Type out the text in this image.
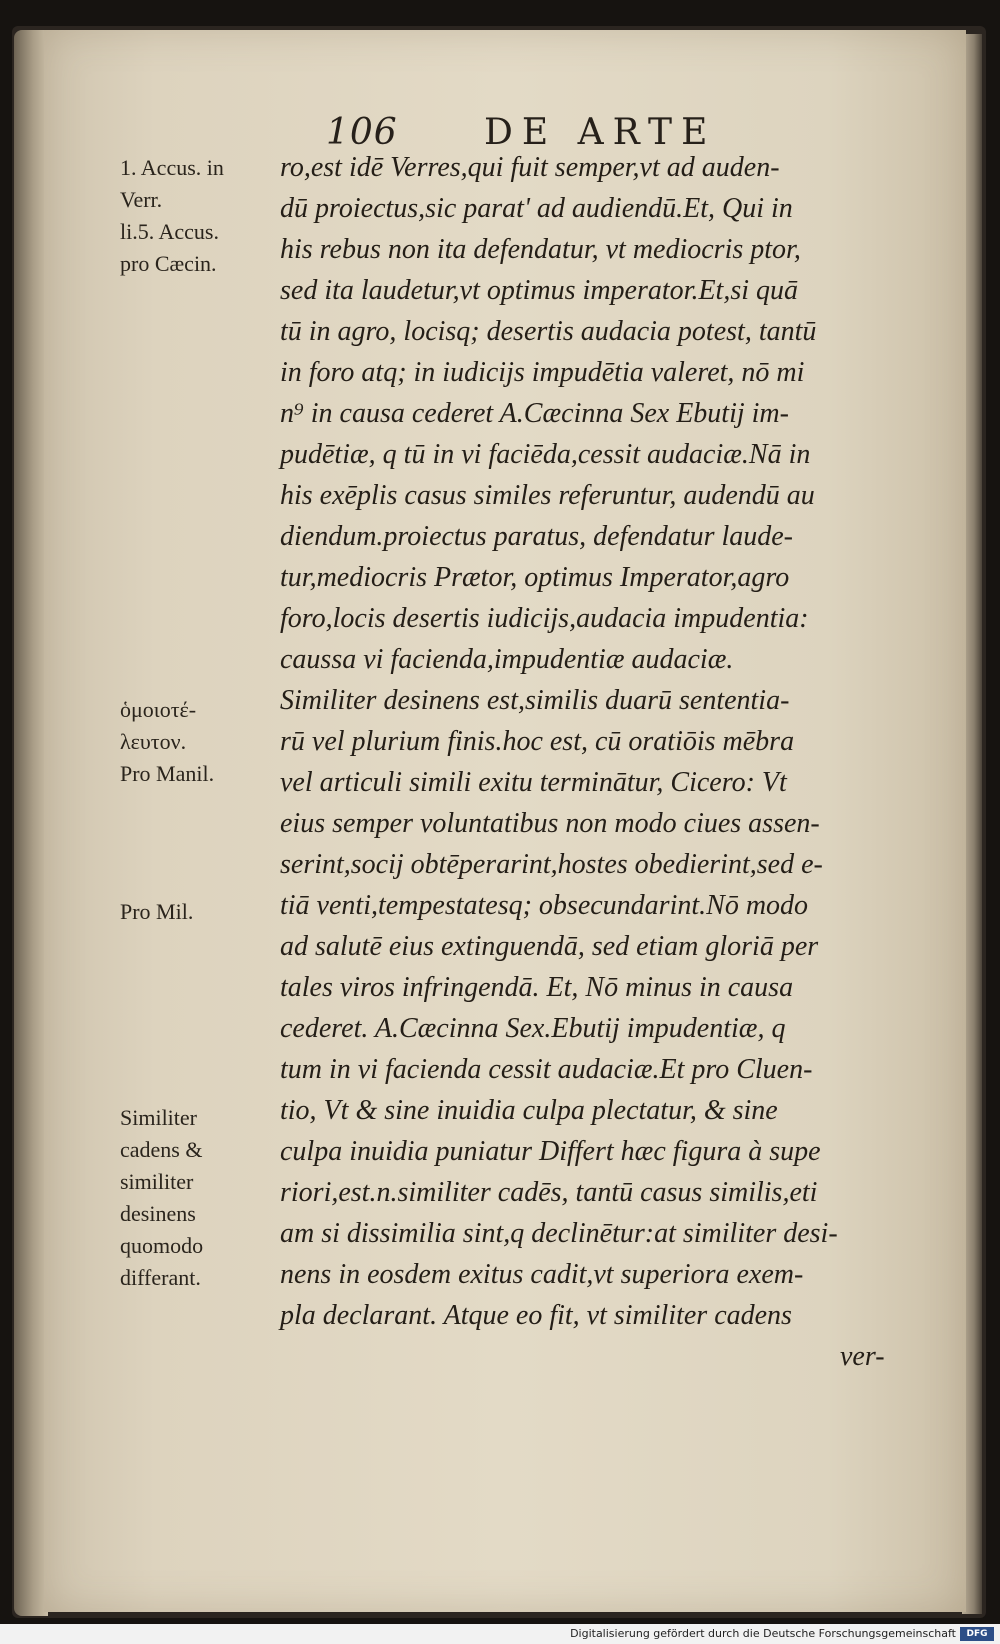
106 DE ARTE
1. Accus. in
Verr.
li.5. Accus.
pro Cæcin.
ὁμοιοτέ-
λευτον.
Pro Manil.
Pro Mil.
Similiter
cadens &
similiter
desinens
quomodo
differant.
ro,est idē Verres,qui fuit semper,vt ad auden-
dū proiectus,sic parat' ad audiendū.Et, Qui in
his rebus non ita defendatur, vt mediocris ptor,
sed ita laudetur,vt optimus imperator.Et,si quā
tū in agro, locisq; desertis audacia potest, tantū
in foro atq; in iudicijs impudētia valeret, nō mi
n⁹ in causa cederet A.Cæcinna Sex Ebutij im-
pudētiæ, q tū in vi faciēda,cessit audaciæ.Nā in
his exēplis casus similes referuntur, audendū au
diendum.proiectus paratus, defendatur laude-
tur,mediocris Prætor, optimus Imperator,agro
foro,locis desertis iudicijs,audacia impudentia:
caussa vi facienda,impudentiæ audaciæ.
Similiter desinens est,similis duarū sententia-
rū vel plurium finis.hoc est, cū oratiōis mēbra
vel articuli simili exitu terminātur, Cicero: Vt
eius semper voluntatibus non modo ciues assen-
serint,socij obtēperarint,hostes obedierint,sed e-
tiā venti,tempestatesq; obsecundarint.Nō modo
ad salutē eius extinguendā, sed etiam gloriā per
tales viros infringendā. Et, Nō minus in causa
cederet. A.Cæcinna Sex.Ebutij impudentiæ, q
tum in vi facienda cessit audaciæ.Et pro Cluen-
tio, Vt & sine inuidia culpa plectatur, & sine
culpa inuidia puniatur Differt hæc figura à supe
riori,est.n.similiter cadēs, tantū casus similis,eti
am si dissimilia sint,q declinētur:at similiter desi-
nens in eosdem exitus cadit,vt superiora exem-
pla declarant. Atque eo fit, vt similiter cadens
ver-
Digitalisierung gefördert durch die Deutsche Forschungsgemeinschaft	DFG
